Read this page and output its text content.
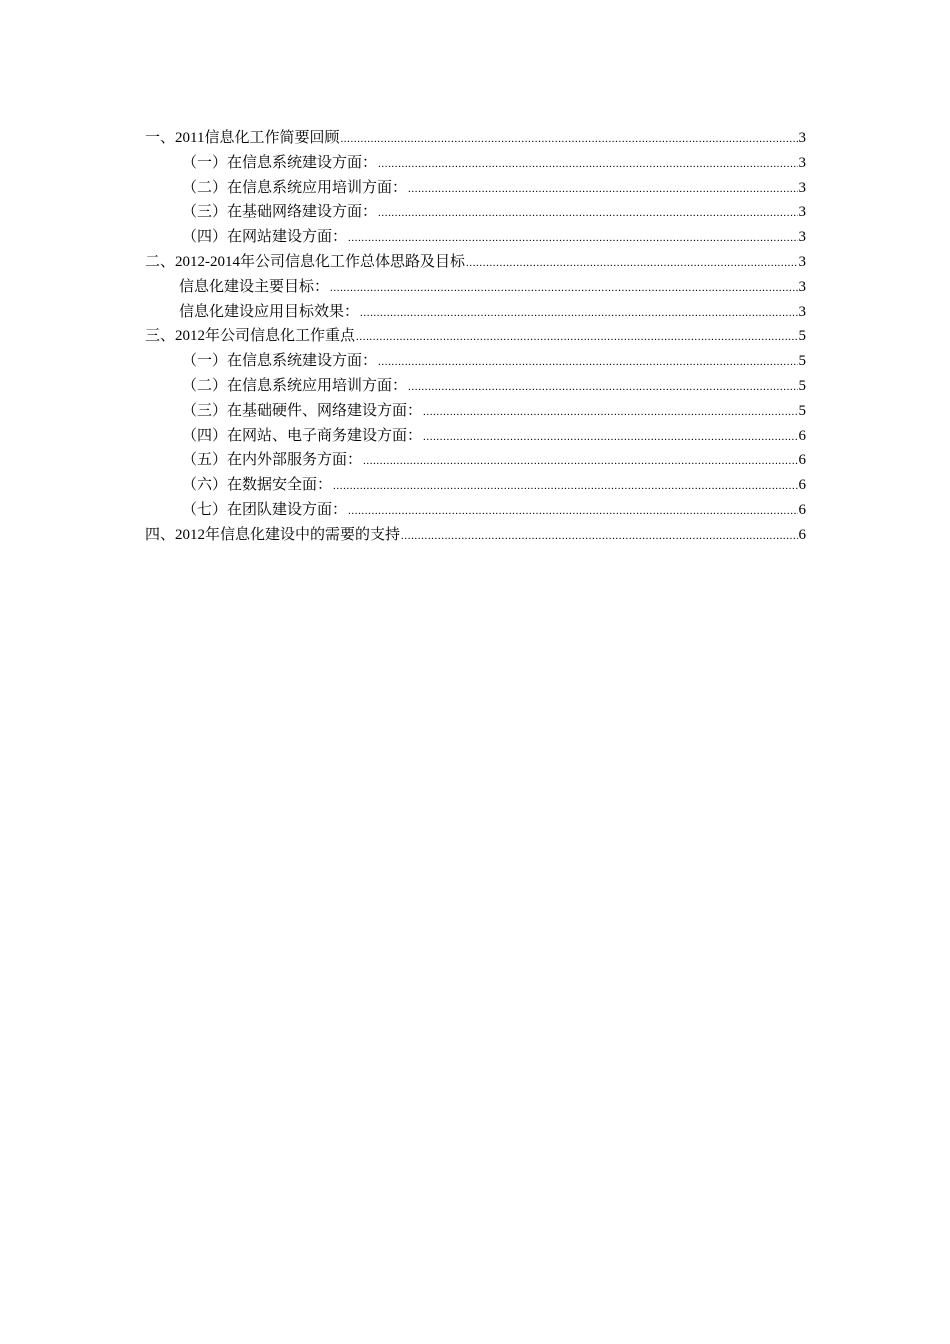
一、2011信息化工作简要回顾 .....	3
（一）在信息系统建设方面： .....	3
（二）在信息系统应用培训方面： .....	3
（三）在基础网络建设方面： .....	3
（四）在网站建设方面： .....	3
二、2012-2014年公司信息化工作总体思路及目标 .....	3
信息化建设主要目标： .....	3
信息化建设应用目标效果： .....	3
三、2012年公司信息化工作重点 .....	5
（一）在信息系统建设方面： .....	5
（二）在信息系统应用培训方面： .....	5
（三）在基础硬件、网络建设方面： .....	5
（四）在网站、电子商务建设方面： .....	6
（五）在内外部服务方面： .....	6
（六）在数据安全面： .....	6
（七）在团队建设方面： .....	6
四、2012年信息化建设中的需要的支持 .....	6
